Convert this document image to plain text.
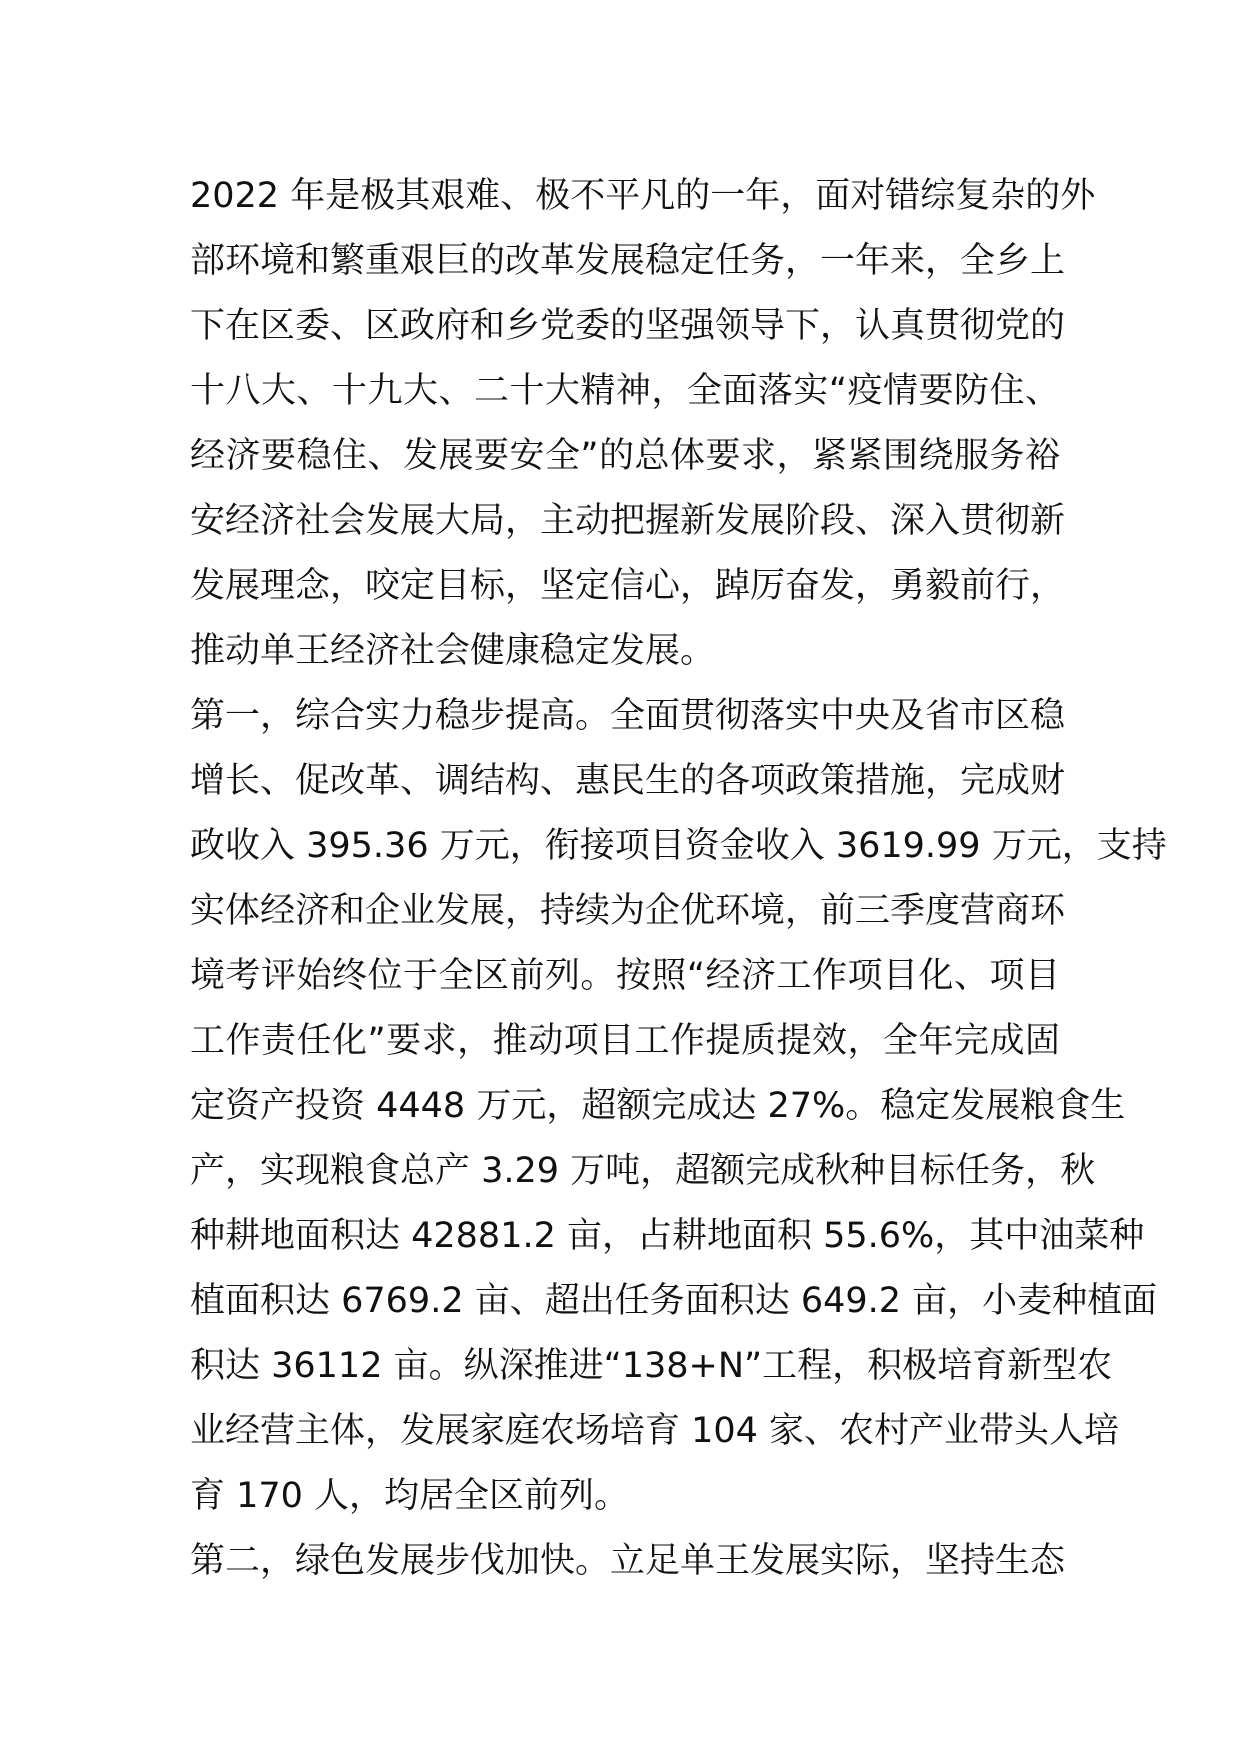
2022 年是极其艰难、极不平凡的一年，面对错综复杂的外
部环境和繁重艰巨的改革发展稳定任务，一年来，全乡上
下在区委、区政府和乡党委的坚强领导下，认真贯彻党的
十八大、十九大、二十大精神，全面落实“疫情要防住、
经济要稳住、发展要安全”的总体要求，紧紧围绕服务裕
安经济社会发展大局，主动把握新发展阶段、深入贯彻新
发展理念，咬定目标，坚定信心，踔厉奋发，勇毅前行，
推动单王经济社会健康稳定发展。
第一，综合实力稳步提高。全面贯彻落实中央及省市区稳
增长、促改革、调结构、惠民生的各项政策措施，完成财
政收入 395.36 万元，衔接项目资金收入 3619.99 万元，支持
实体经济和企业发展，持续为企优环境，前三季度营商环
境考评始终位于全区前列。按照“经济工作项目化、项目
工作责任化”要求，推动项目工作提质提效，全年完成固
定资产投资 4448 万元，超额完成达 27%。稳定发展粮食生
产，实现粮食总产 3.29 万吨，超额完成秋种目标任务，秋
种耕地面积达 42881.2 亩，占耕地面积 55.6%，其中油菜种
植面积达 6769.2 亩、超出任务面积达 649.2 亩，小麦种植面
积达 36112 亩。纵深推进“138+N”工程，积极培育新型农
业经营主体，发展家庭农场培育 104 家、农村产业带头人培
育 170 人，均居全区前列。
第二，绿色发展步伐加快。立足单王发展实际，坚持生态
